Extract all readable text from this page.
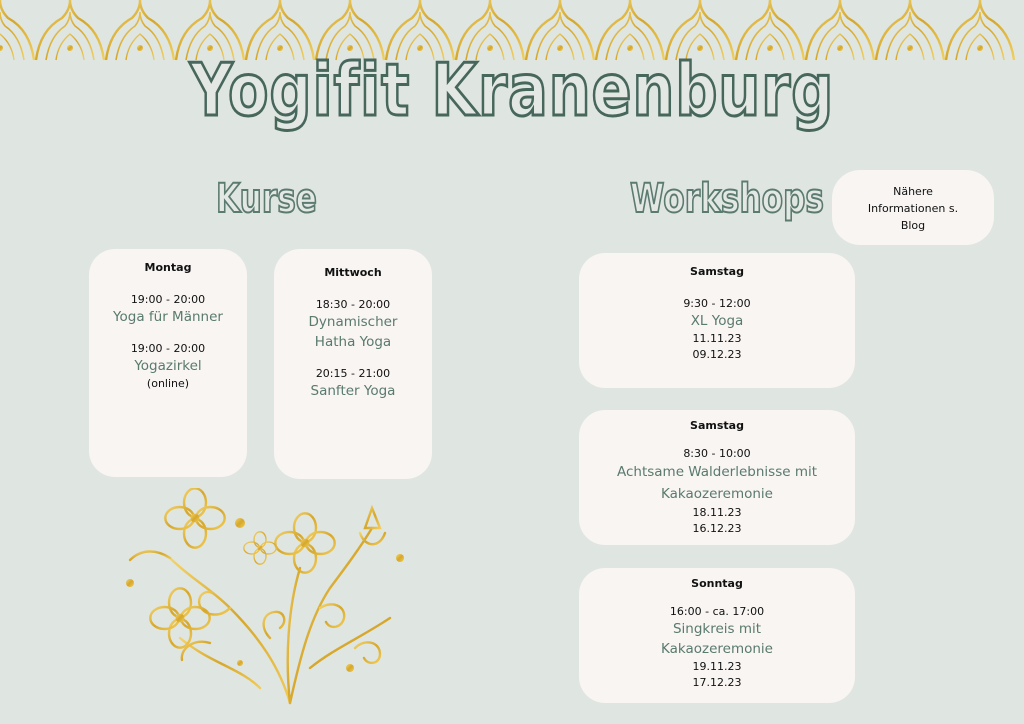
Yogifit Kranenburg
Kurse	Workshops	Nähere
Informationen s.
Blog
Montag
19:00 - 20:00
Yoga für Männer
19:00 - 20:00
Yogazirkel
(online)
Mittwoch
18:30 - 20:00
Dynamischer
Hatha Yoga
20:15 - 21:00
Sanfter Yoga
Samstag
9:30 - 12:00
XL Yoga
11.11.23
09.12.23
Samstag
8:30 - 10:00
Achtsame Walderlebnisse mit
Kakaozeremonie
18.11.23
16.12.23
Sonntag
16:00 - ca. 17:00
Singkreis mit
Kakaozeremonie
19.11.23
17.12.23
